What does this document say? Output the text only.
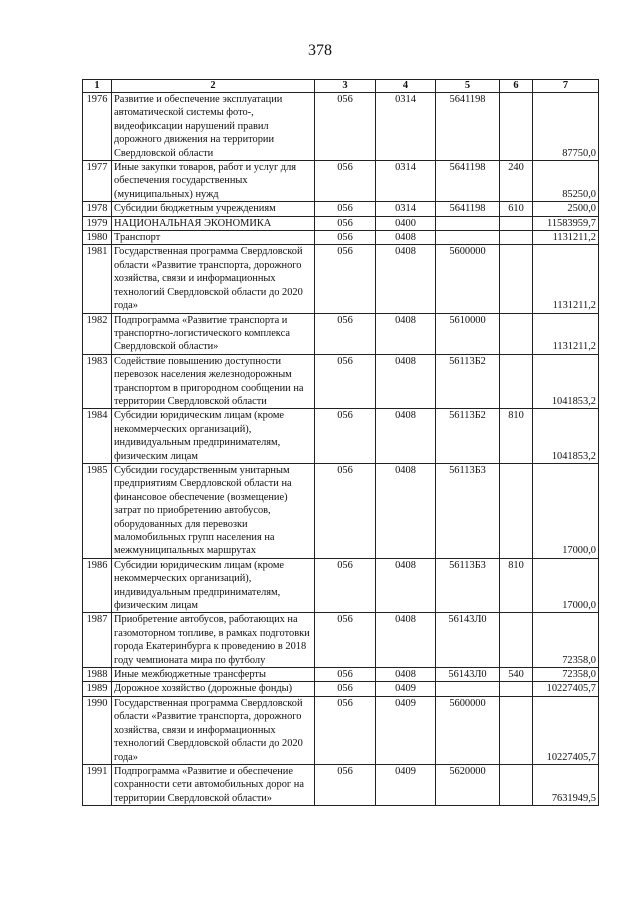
378
1	2	3	4	5	6	7
1976	Развитие и обеспечение эксплуатации автоматической системы фото-, видеофиксации нарушений правил дорожного движения на территории Свердловской области	056	0314	5641198		87750,0
1977	Иные закупки товаров, работ и услуг для обеспечения государственных (муниципальных) нужд	056	0314	5641198	240	85250,0
1978	Субсидии бюджетным учреждениям	056	0314	5641198	610	2500,0
1979	НАЦИОНАЛЬНАЯ ЭКОНОМИКА	056	0400			11583959,7
1980	Транспорт	056	0408			1131211,2
1981	Государственная программа Свердловской области «Развитие транспорта, дорожного хозяйства, связи и информационных технологий Свердловской области до 2020 года»	056	0408	5600000		1131211,2
1982	Подпрограмма «Развитие транспорта и транспортно-логистического комплекса Свердловской области»	056	0408	5610000		1131211,2
1983	Содействие повышению доступности перевозок населения железнодорожным транспортом в пригородном сообщении на территории Свердловской области	056	0408	56113Б2		1041853,2
1984	Субсидии юридическим лицам (кроме некоммерческих организаций), индивидуальным предпринимателям, физическим лицам	056	0408	56113Б2	810	1041853,2
1985	Субсидии государственным унитарным предприятиям Свердловской области на финансовое обеспечение (возмещение) затрат по приобретению автобусов, оборудованных для перевозки маломобильных групп населения на межмуниципальных маршрутах	056	0408	56113Б3		17000,0
1986	Субсидии юридическим лицам (кроме некоммерческих организаций), индивидуальным предпринимателям, физическим лицам	056	0408	56113Б3	810	17000,0
1987	Приобретение автобусов, работающих на газомоторном топливе, в рамках подготовки города Екатеринбурга к проведению в 2018 году чемпионата мира по футболу	056	0408	56143Л0		72358,0
1988	Иные межбюджетные трансферты	056	0408	56143Л0	540	72358,0
1989	Дорожное хозяйство (дорожные фонды)	056	0409			10227405,7
1990	Государственная программа Свердловской области «Развитие транспорта, дорожного хозяйства, связи и информационных технологий Свердловской области до 2020 года»	056	0409	5600000		10227405,7
1991	Подпрограмма «Развитие и обеспечение сохранности сети автомобильных дорог на территории Свердловской области»	056	0409	5620000		7631949,5
